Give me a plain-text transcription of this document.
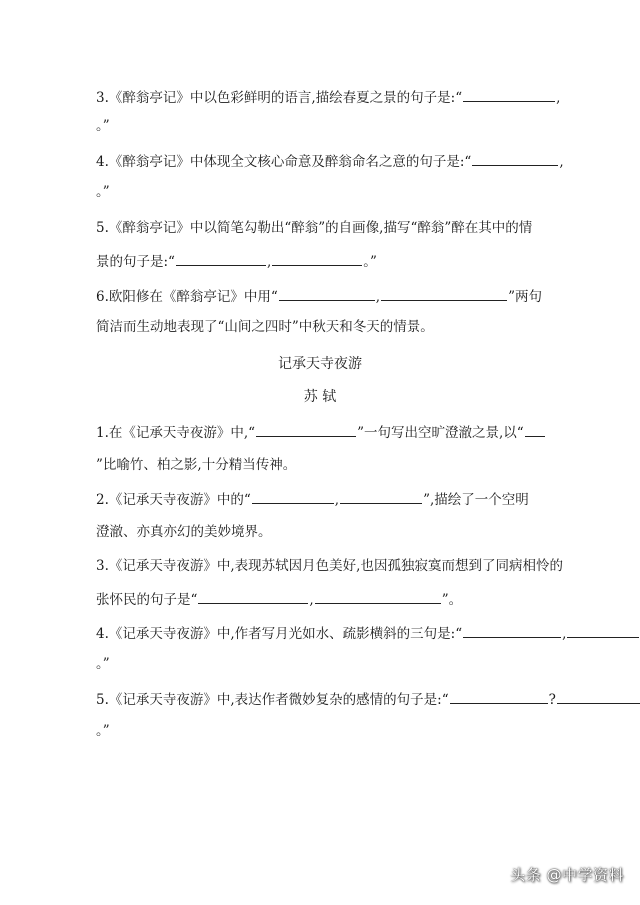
3.《醉翁亭记》中以色彩鲜明的语言,描绘春夏之景的句子是:“	,
。”
4.《醉翁亭记》中体现全文核心命意及醉翁命名之意的句子是:“	,
。”
5.《醉翁亭记》中以简笔勾勒出“醉翁”的自画像,描写“醉翁”醉在其中的情
景的句子是:“	,	。”
6.欧阳修在《醉翁亭记》中用“	,	”两句
简洁而生动地表现了“山间之四时”中秋天和冬天的情景。
记承天寺夜游
苏 轼
1.在《记承天寺夜游》中,“	”一句写出空旷澄澈之景,以“
”比喻竹、柏之影,十分精当传神。
2.《记承天寺夜游》中的“	,	”,描绘了一个空明
澄澈、亦真亦幻的美妙境界。
3.《记承天寺夜游》中,表现苏轼因月色美好,也因孤独寂寞而想到了同病相怜的
张怀民的句子是“	,	”。
4.《记承天寺夜游》中,作者写月光如水、疏影横斜的三句是:“	,
。”
5.《记承天寺夜游》中,表达作者微妙复杂的感情的句子是:“	?
。”
头条 @中学资料
